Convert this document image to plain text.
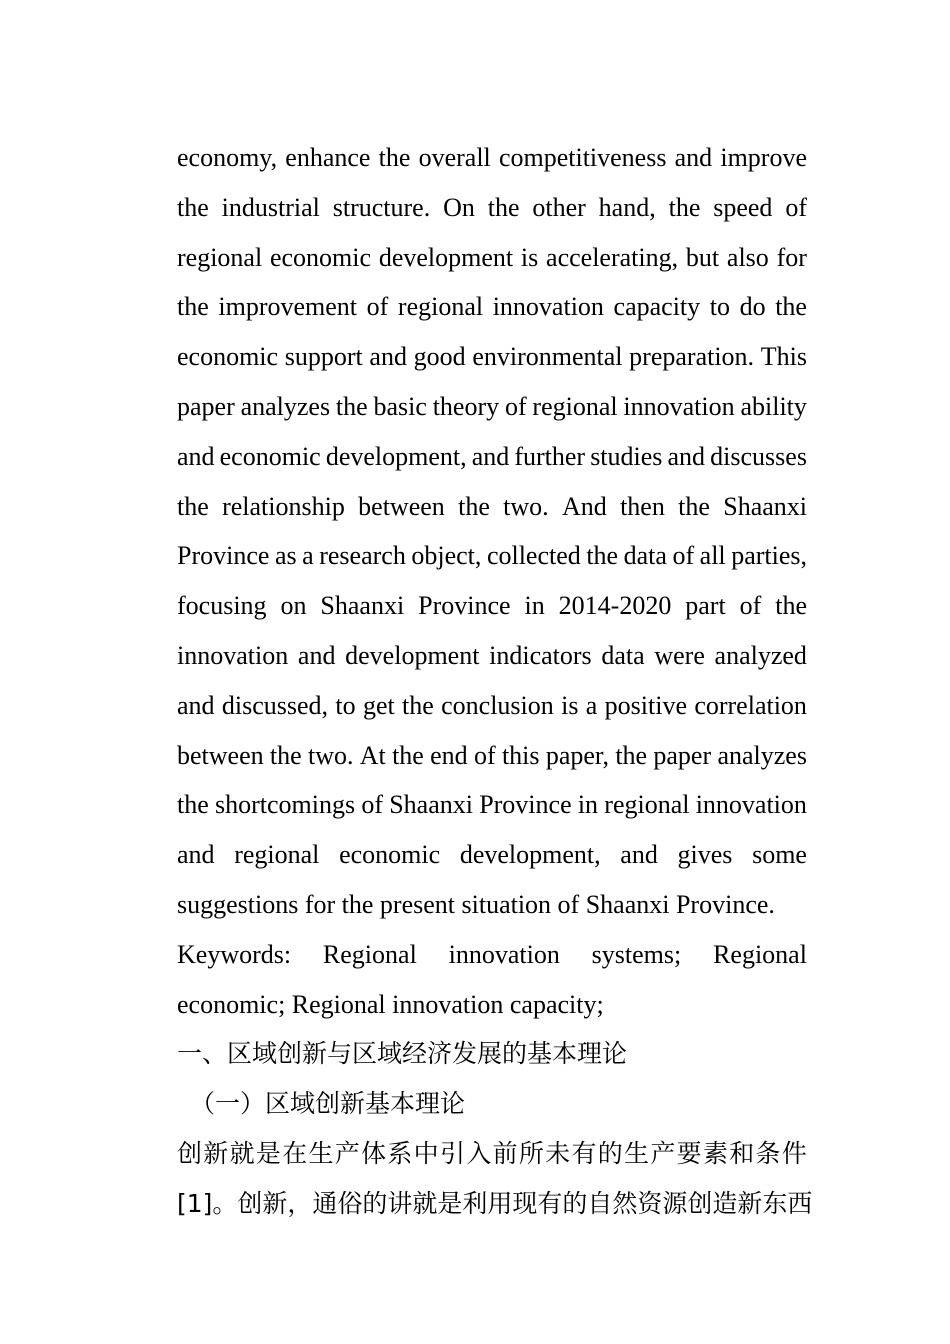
economy, enhance the overall competitiveness and improve
the industrial structure. On the other hand, the speed of
regional economic development is accelerating, but also for
the improvement of regional innovation capacity to do the
economic support and good environmental preparation. This
paper analyzes the basic theory of regional innovation ability
and economic development, and further studies and discusses
the relationship between the two. And then the Shaanxi
Province as a research object, collected the data of all parties,
focusing on Shaanxi Province in 2014-2020 part of the
innovation and development indicators data were analyzed
and discussed, to get the conclusion is a positive correlation
between the two. At the end of this paper, the paper analyzes
the shortcomings of Shaanxi Province in regional innovation
and regional economic development, and gives some
suggestions for the present situation of Shaanxi Province.
Keywords: Regional innovation systems; Regional
economic; Regional innovation capacity;
一、区域创新与区域经济发展的基本理论
（一）区域创新基本理论
创 新 就 是 在 生 产 体 系 中 引 入 前 所 未 有 的 生 产 要 素 和 条 件
[1]。创新，通俗的讲就是利用现有的自然资源创造新东西
